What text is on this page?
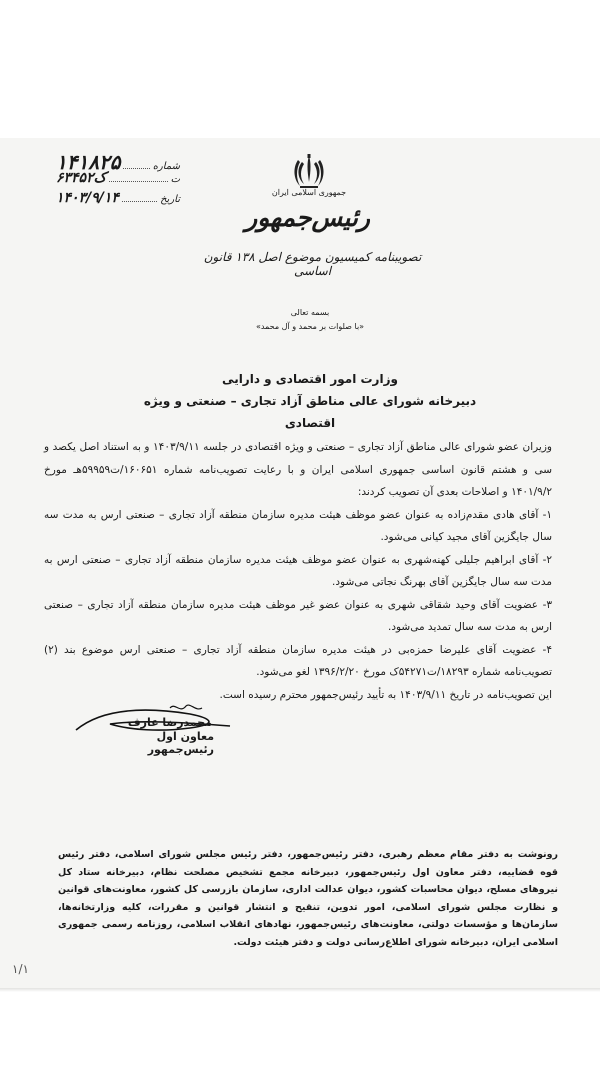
جمهوری اسلامی ایران
رئیس‌جمهور
تصویبنامه کمیسیون موضوع اصل ۱۳۸ قانون اساسی
شماره
۱۴۱۸۲۵
ت
۶۳۴۵۲ک
تاریخ
۱۴۰۳/۹/۱۴
بسمه تعالی
«با صلوات بر محمد و آل محمد»
وزارت امور اقتصادی و دارایی
دبیرخانه شورای عالی مناطق آزاد تجاری – صنعتی و ویژه اقتصادی

وزیران عضو شورای عالی مناطق آزاد تجاری – صنعتی و ویژه اقتصادی در جلسه ۱۴۰۳/۹/۱۱ و به استناد اصل یکصد و سی و هشتم قانون اساسی جمهوری اسلامی ایران و با رعایت تصویب‌نامه شماره ۱۶۰۶۵۱/ت۵۹۹۵۹هـ مورخ ۱۴۰۱/۹/۲ و اصلاحات بعدی آن تصویب کردند:

۱- آقای هادی مقدم‌زاده به عنوان عضو موظف هیئت مدیره سازمان منطقه آزاد تجاری – صنعتی ارس به مدت سه سال جایگزین آقای مجید کیانی می‌شود.

۲- آقای ابراهیم جلیلی کهنه‌شهری به عنوان عضو موظف هیئت مدیره سازمان منطقه آزاد تجاری – صنعتی ارس به مدت سه سال جایگزین آقای بهرنگ نجاتی می‌شود.

۳- عضویت آقای وحید شقاقی شهری به عنوان عضو غیر موظف هیئت مدیره سازمان منطقه آزاد تجاری – صنعتی ارس به مدت سه سال تمدید می‌شود.

۴- عضویت آقای علیرضا حمزه‌بی در هیئت مدیره سازمان منطقه آزاد تجاری – صنعتی ارس موضوع بند (۲) تصویب‌نامه شماره ۱۸۲۹۳/ت۵۴۲۷۱ک مورخ ۱۳۹۶/۲/۲۰ لغو می‌شود.

این تصویب‌نامه در تاریخ ۱۴۰۳/۹/۱۱ به تأیید رئیس‌جمهور محترم رسیده است.

محمدرضا عارف
معاون اول رئیس‌جمهور

رونوشت به دفتر مقام معظم رهبری، دفتر رئیس‌جمهور، دفتر رئیس مجلس شورای اسلامی، دفتر رئیس قوه قضاییه، دفتر معاون اول رئیس‌جمهور، دبیرخانه مجمع تشخیص مصلحت نظام، دبیرخانه ستاد کل نیروهای مسلح، دیوان محاسبات کشور، دیوان عدالت اداری، سازمان بازرسی کل کشور، معاونت‌های قوانین و نظارت مجلس شورای اسلامی، امور تدوین، تنقیح و انتشار قوانین و مقررات، کلیه وزارتخانه‌ها، سازمان‌ها و مؤسسات دولتی، معاونت‌های رئیس‌جمهور، نهادهای انقلاب اسلامی، روزنامه رسمی جمهوری اسلامی ایران، دبیرخانه شورای اطلاع‌رسانی دولت و دفتر هیئت دولت.

۱/۱
